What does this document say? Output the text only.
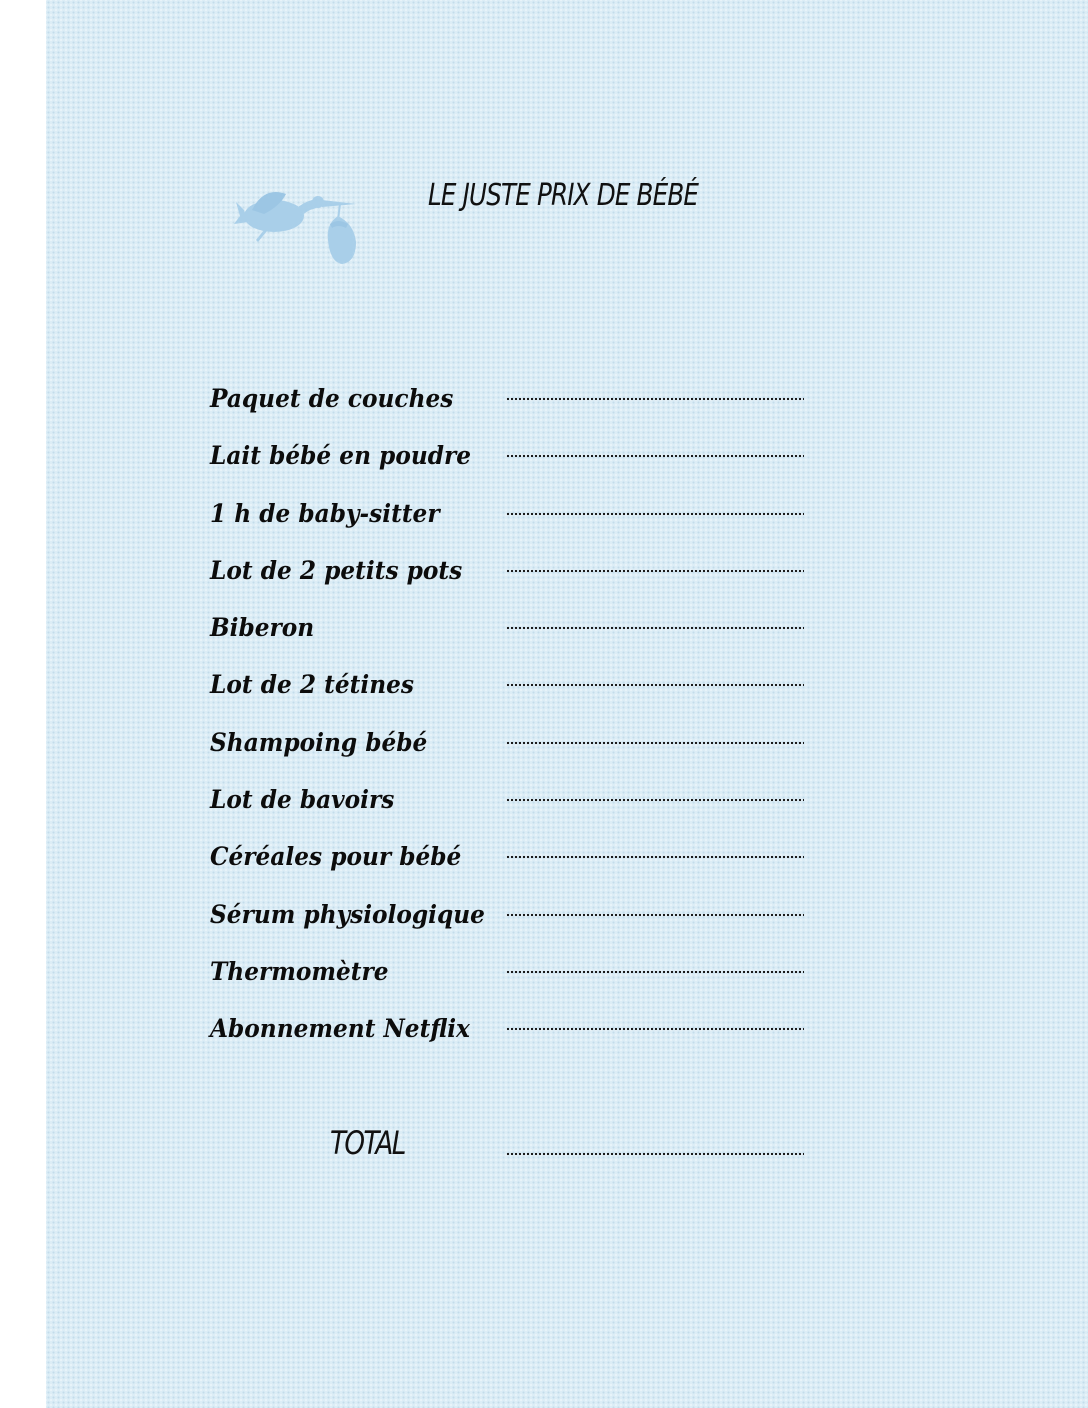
LE JUSTE PRIX DE BÉBÉ
Paquet de couches
Lait bébé en poudre
1 h de baby-sitter
Lot de 2 petits pots
Biberon
Lot de 2 tétines
Shampoing bébé
Lot de bavoirs
Céréales pour bébé
Sérum physiologique
Thermomètre
Abonnement Netflix
TOTAL
